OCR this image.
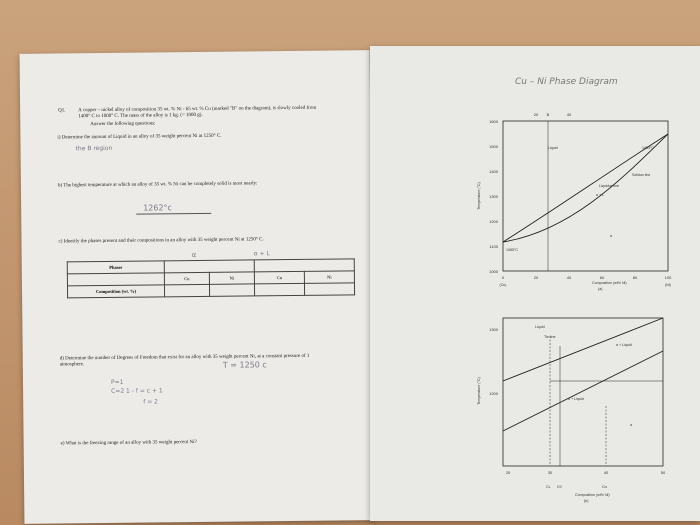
Q1.	A copper – nickel alloy of composition 35 wt. % Ni - 65 wt. % Cu (marked "B" on the diagram), is slowly cooled from 1400° C to 1000° C. The mass of the alloy is 1 kg. (= 1000 g).
Answer the following questions:
i) Determine the amount of Liquid in an alloy of 35 weight percent Ni at 1250° C.
the B region
b) The highest temperature at which an alloy of 35 wt. % Ni can be completely solid is most nearly:
1262°c
c) Identify the phases present and their compositions in an alloy with 35 weight percent Ni at 1250° C.
α	α + L
Phases				
	Cu	Ni	Cu	Ni
Composition (wt. %)				
d) Determine the number of Degrees of Freedom that exist for an alloy with 35 weight percent Ni, at a constant pressure of 1 atmosphere.	T = 1250 c
P=1
C=2 1 - f = c + 1
f = 2
e) What is the freezing range of an alloy with 35 weight percent Ni?
Cu – Ni Phase Diagram
1600
1500
1400
1300
1200
1100
1000
0	20	40	60	80	100
(Cu)	(Ni)
Composition (wt% Ni)
(a)
Temperature (°C)
20 B	40
Liquid
Liquidus line
Solidus line
α + L
α
1453°C
1085°C
1300
1200
20	30	40	50
Composition (wt% Ni)
(b)
Temperature (°C)
Liquid
Tie line
α + Liquid
α + Liquid
α
CL C0	Cα
